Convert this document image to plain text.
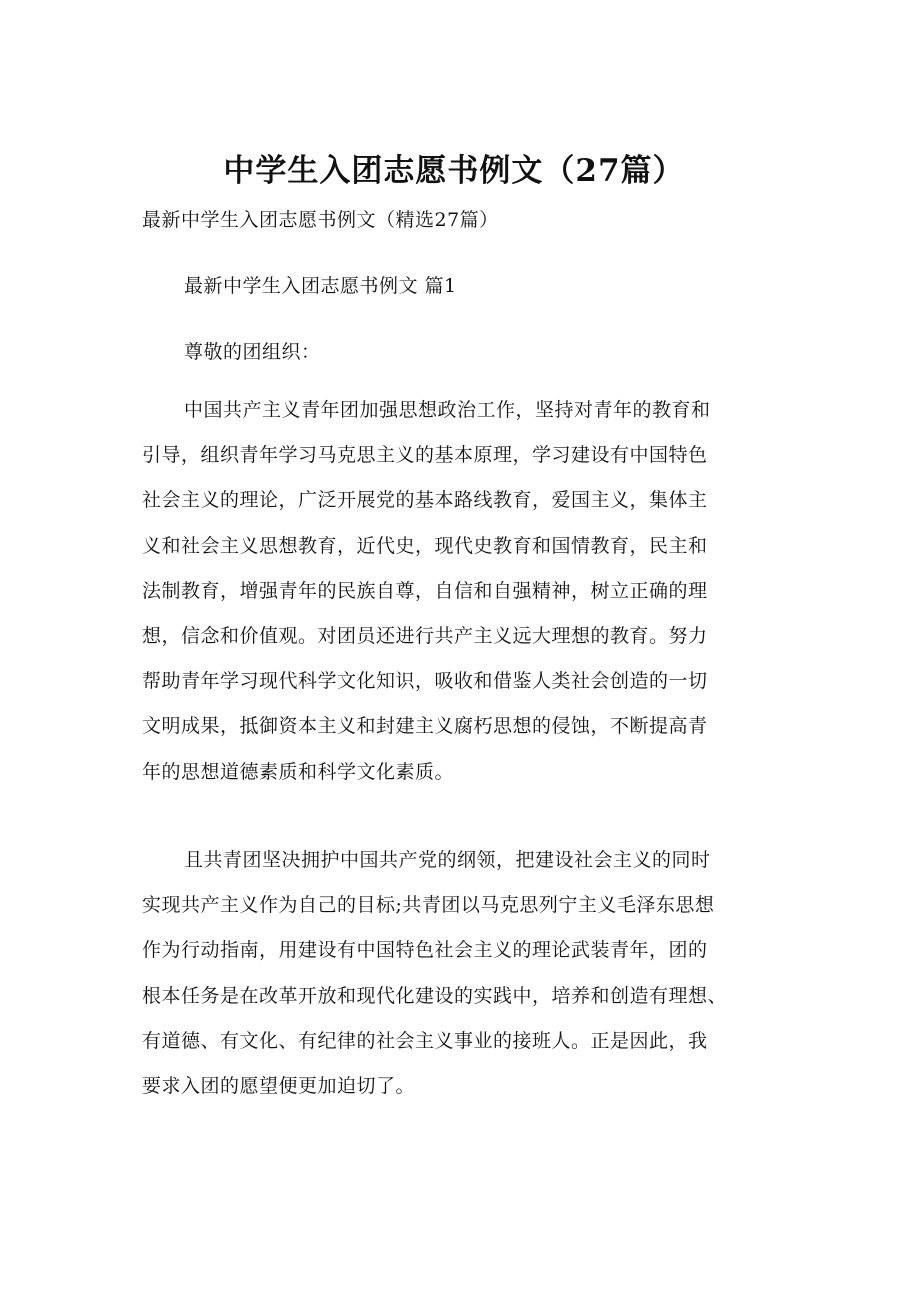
中学生入团志愿书例文（27篇）

最新中学生入团志愿书例文（精选27篇）

最新中学生入团志愿书例文 篇1

尊敬的团组织：

中国共产主义青年团加强思想政治工作，坚持对青年的教育和
引导，组织青年学习马克思主义的基本原理，学习建设有中国特色
社会主义的理论，广泛开展党的基本路线教育，爱国主义，集体主
义和社会主义思想教育，近代史，现代史教育和国情教育，民主和
法制教育，增强青年的民族自尊，自信和自强精神，树立正确的理
想，信念和价值观。对团员还进行共产主义远大理想的教育。努力
帮助青年学习现代科学文化知识，吸收和借鉴人类社会创造的一切
文明成果，抵御资本主义和封建主义腐朽思想的侵蚀，不断提高青
年的思想道德素质和科学文化素质。
且共青团坚决拥护中国共产党的纲领，把建设社会主义的同时
实现共产主义作为自己的目标;共青团以马克思列宁主义毛泽东思想
作为行动指南，用建设有中国特色社会主义的理论武装青年，团的
根本任务是在改革开放和现代化建设的实践中，培养和创造有理想、
有道德、有文化、有纪律的社会主义事业的接班人。正是因此，我
要求入团的愿望便更加迫切了。
